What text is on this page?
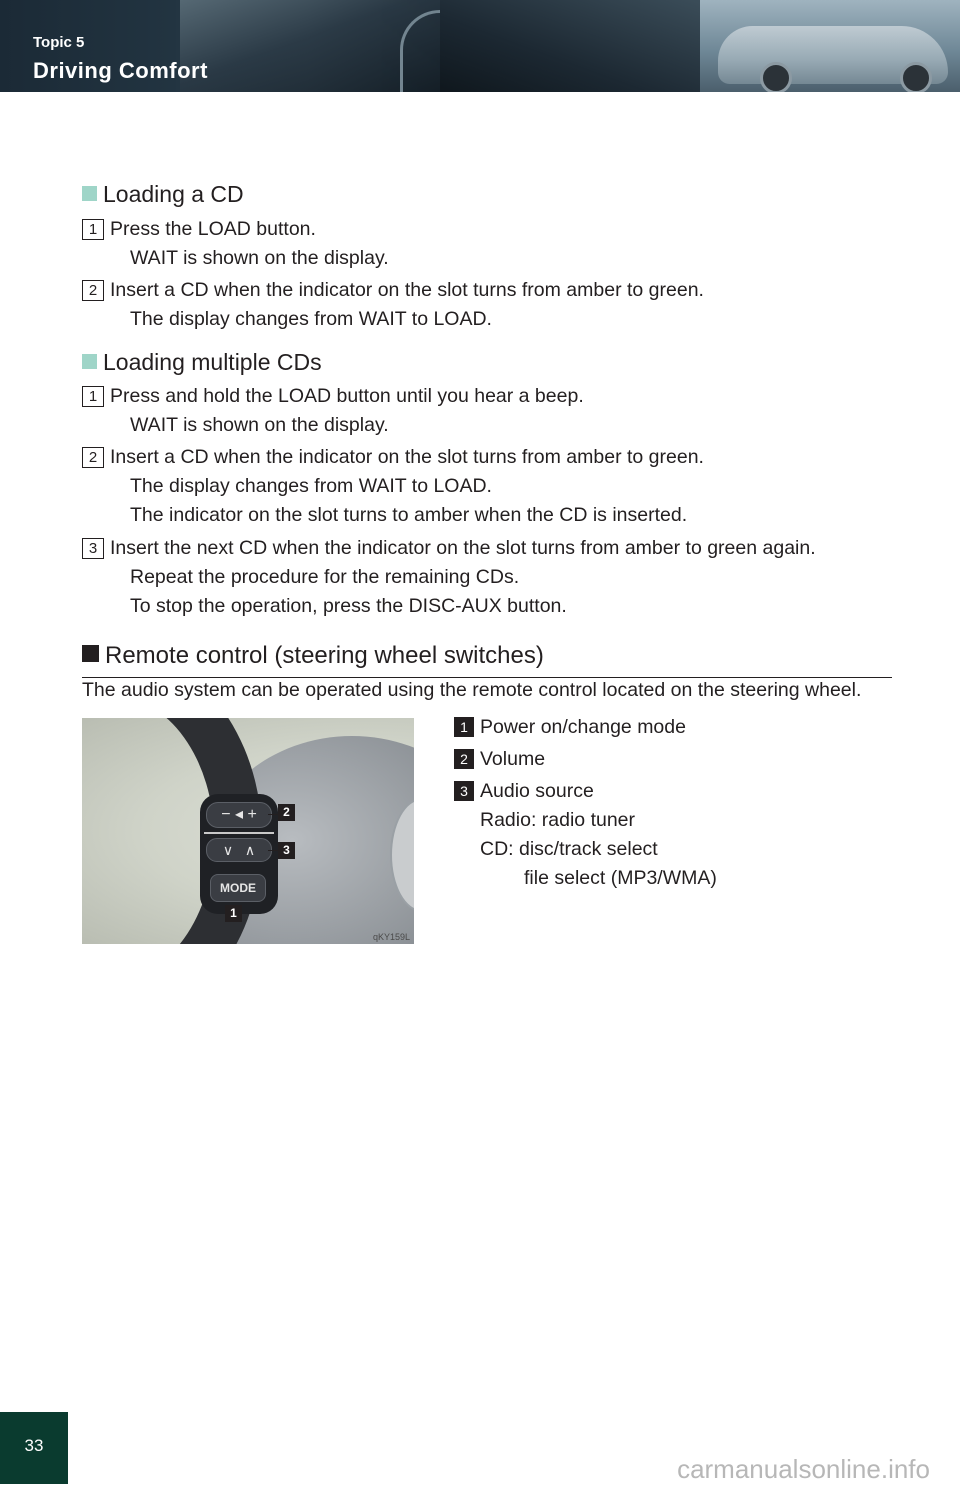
Topic 5
Driving Comfort
Loading a CD
1 Press the LOAD button.
WAIT is shown on the display.
2 Insert a CD when the indicator on the slot turns from amber to green.
The display changes from WAIT to LOAD.
Loading multiple CDs
1 Press and hold the LOAD button until you hear a beep.
WAIT is shown on the display.
2 Insert a CD when the indicator on the slot turns from amber to green.
The display changes from WAIT to LOAD.
The indicator on the slot turns to amber when the CD is inserted.
3 Insert the next CD when the indicator on the slot turns from amber to green again.
Repeat the procedure for the remaining CDs.
To stop the operation, press the DISC-AUX button.
Remote control (steering wheel switches)
The audio system can be operated using the remote control located on the steering wheel.
− ◂ +
∨   ∧
MODE
2
3
1
qKY159L
1 Power on/change mode
2 Volume
3 Audio source
Radio: radio tuner
CD: disc/track select
file select (MP3/WMA)
33
carmanualsonline.info
